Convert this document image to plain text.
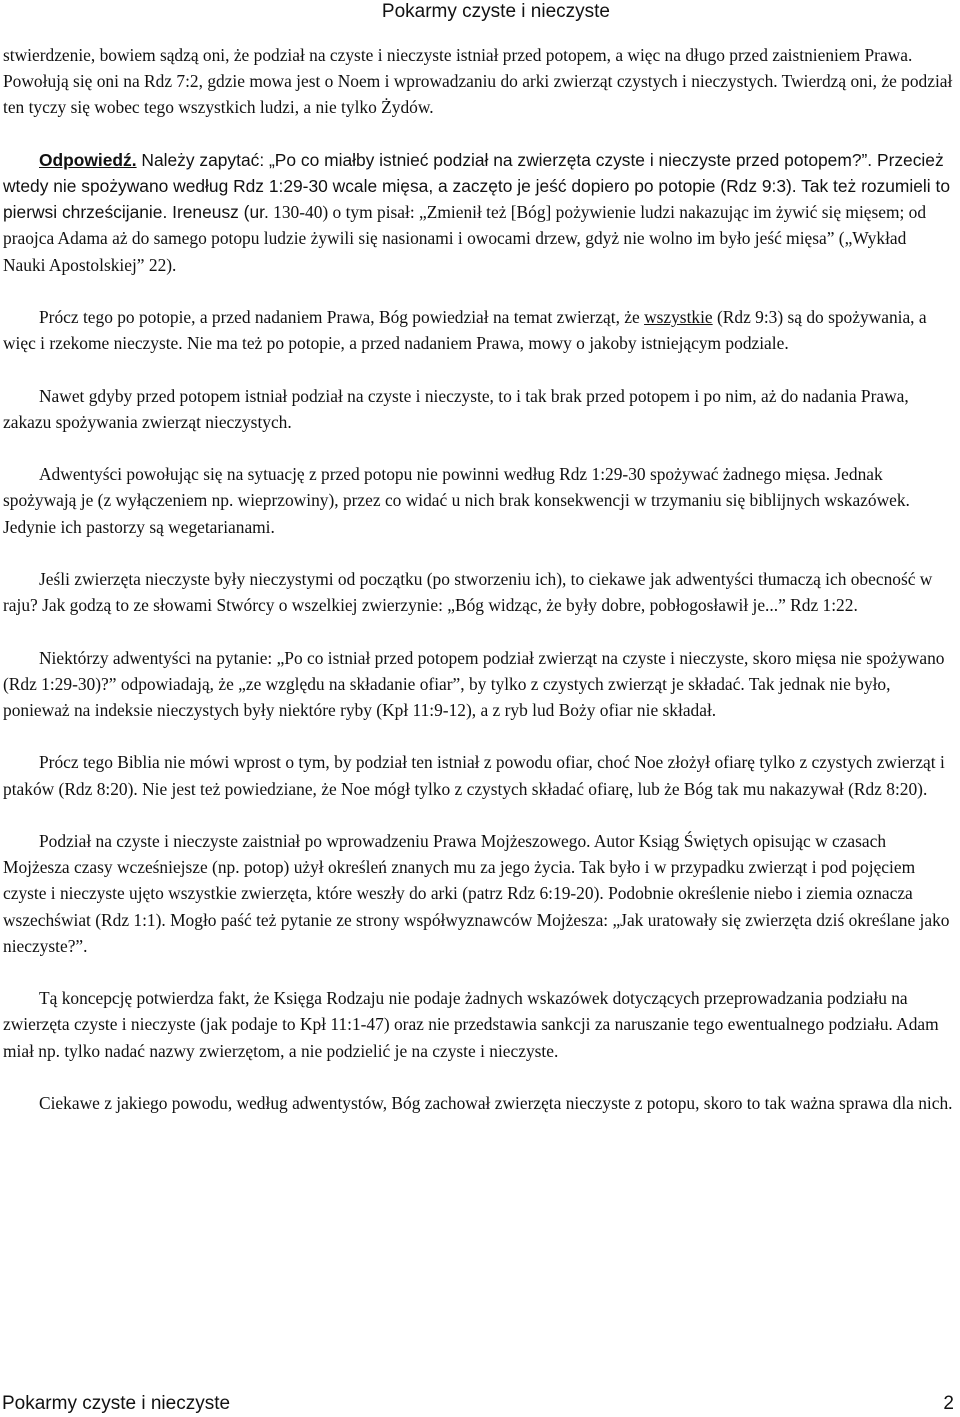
Pokarmy czyste i nieczyste

stwierdzenie, bowiem sądzą oni, że podział na czyste i nieczyste istniał przed potopem, a więc na długo przed zaistnieniem Prawa. Powołują się oni na Rdz 7:2, gdzie mowa jest o Noem i wprowadzaniu do arki zwierząt czystych i nieczystych. Twierdzą oni, że podział ten tyczy się wobec tego wszystkich ludzi, a nie tylko Żydów.

Odpowiedź. Należy zapytać: „Po co miałby istnieć podział na zwierzęta czyste i nieczyste przed potopem?”. Przecież wtedy nie spożywano według Rdz 1:29-30 wcale mięsa, a zaczęto je jeść dopiero po potopie (Rdz 9:3). Tak też rozumieli to pierwsi chrześcijanie. Ireneusz (ur. 130-40) o tym pisał: „Zmienił też [Bóg] pożywienie ludzi nakazując im żywić się mięsem; od praojca Adama aż do samego potopu ludzie żywili się nasionami i owocami drzew, gdyż nie wolno im było jeść mięsa” („Wykład Nauki Apostolskiej” 22).

Prócz tego po potopie, a przed nadaniem Prawa, Bóg powiedział na temat zwierząt, że wszystkie (Rdz 9:3) są do spożywania, a więc i rzekome nieczyste. Nie ma też po potopie, a przed nadaniem Prawa, mowy o jakoby istniejącym podziale.

Nawet gdyby przed potopem istniał podział na czyste i nieczyste, to i tak brak przed potopem i po nim, aż do nadania Prawa, zakazu spożywania zwierząt nieczystych.

Adwentyści powołując się na sytuację z przed potopu nie powinni według Rdz 1:29-30 spożywać żadnego mięsa. Jednak spożywają je (z wyłączeniem np. wieprzowiny), przez co widać u nich brak konsekwencji w trzymaniu się biblijnych wskazówek. Jedynie ich pastorzy są wegetarianami.

Jeśli zwierzęta nieczyste były nieczystymi od początku (po stworzeniu ich), to ciekawe jak adwentyści tłumaczą ich obecność w raju? Jak godzą to ze słowami Stwórcy o wszelkiej zwierzynie: „Bóg widząc, że były dobre, pobłogosławił je...” Rdz 1:22.

Niektórzy adwentyści na pytanie: „Po co istniał przed potopem podział zwierząt na czyste i nieczyste, skoro mięsa nie spożywano (Rdz 1:29-30)?” odpowiadają, że „ze względu na składanie ofiar”, by tylko z czystych zwierząt je składać. Tak jednak nie było, ponieważ na indeksie nieczystych były niektóre ryby (Kpł 11:9-12), a z ryb lud Boży ofiar nie składał.

Prócz tego Biblia nie mówi wprost o tym, by podział ten istniał z powodu ofiar, choć Noe złożył ofiarę tylko z czystych zwierząt i ptaków (Rdz 8:20). Nie jest też powiedziane, że Noe mógł tylko z czystych składać ofiarę, lub że Bóg tak mu nakazywał (Rdz 8:20).

Podział na czyste i nieczyste zaistniał po wprowadzeniu Prawa Mojżeszowego. Autor Ksiąg Świętych opisując w czasach Mojżesza czasy wcześniejsze (np. potop) użył określeń znanych mu za jego życia. Tak było i w przypadku zwierząt i pod pojęciem czyste i nieczyste ujęto wszystkie zwierzęta, które weszły do arki (patrz Rdz 6:19-20). Podobnie określenie niebo i ziemia oznacza wszechświat (Rdz 1:1). Mogło paść też pytanie ze strony współwyznawców Mojżesza: „Jak uratowały się zwierzęta dziś określane jako nieczyste?”.

Tą koncepcję potwierdza fakt, że Księga Rodzaju nie podaje żadnych wskazówek dotyczących przeprowadzania podziału na zwierzęta czyste i nieczyste (jak podaje to Kpł 11:1-47) oraz nie przedstawia sankcji za naruszanie tego ewentualnego podziału. Adam miał np. tylko nadać nazwy zwierzętom, a nie podzielić je na czyste i nieczyste.

Ciekawe z jakiego powodu, według adwentystów, Bóg zachował zwierzęta nieczyste z potopu, skoro to tak ważna sprawa dla nich.

Pokarmy czyste i nieczyste	2
